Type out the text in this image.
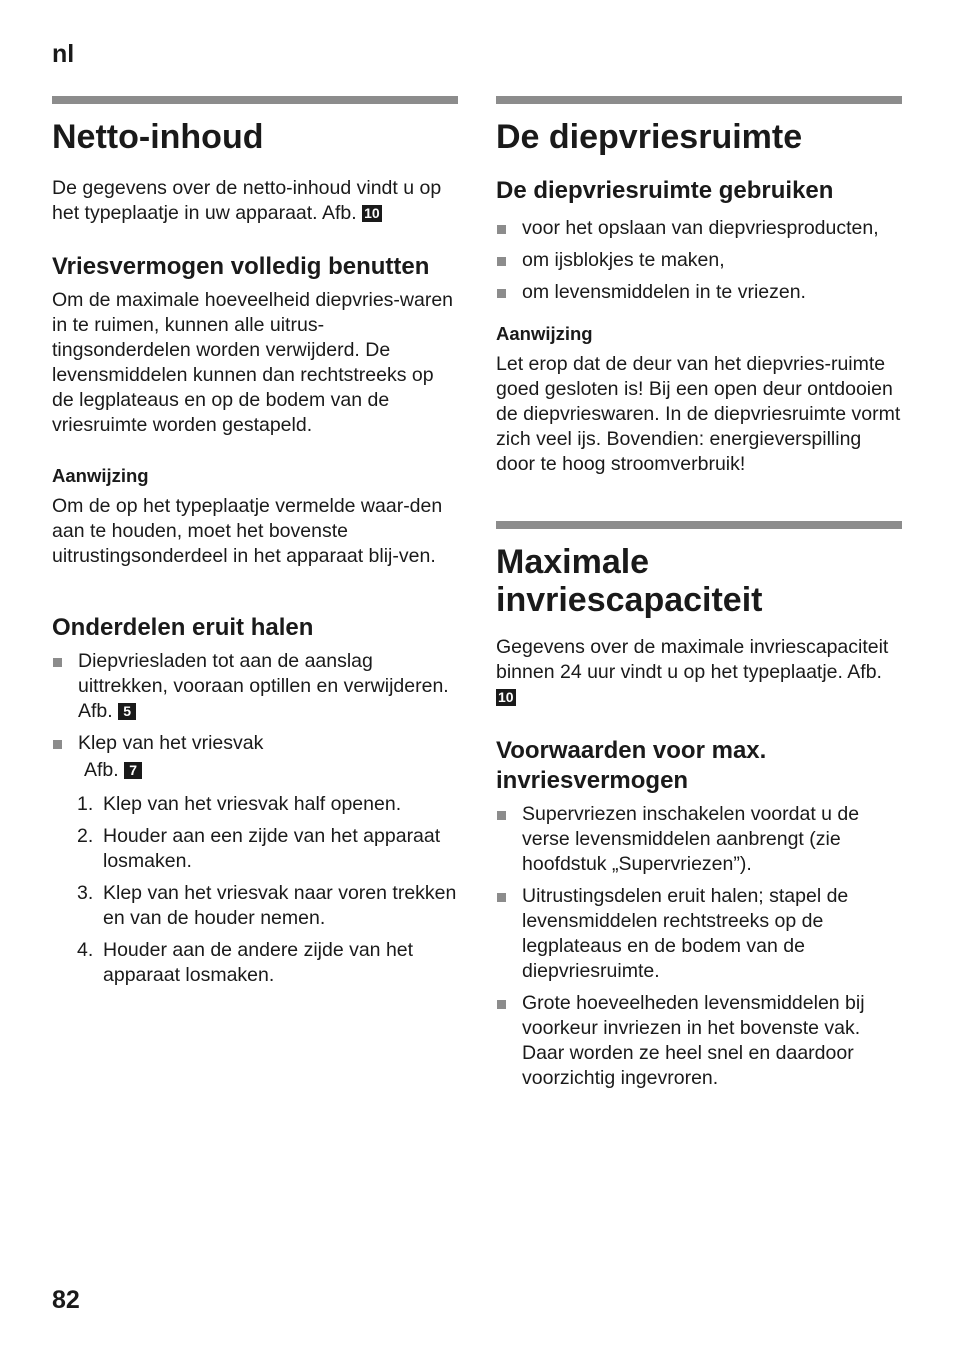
nl
Netto-inhoud

De gegevens over de netto-inhoud vindt u op het typeplaatje in uw apparaat. Afb. 10

Vriesvermogen volledig benutten

Om de maximale hoeveelheid diepvries-waren in te ruimen, kunnen alle uitrus-tingsonderdelen worden verwijderd. De levensmiddelen kunnen dan rechtstreeks op de legplateaus en op de bodem van de vriesruimte worden gestapeld.

Aanwijzing

Om de op het typeplaatje vermelde waar-den aan te houden, moet het bovenste uitrustingsonderdeel in het apparaat blij-ven.

Onderdelen eruit halen
Diepvriesladen tot aan de aanslag uittrekken, vooraan optillen en verwijderen. Afb. 5
Klep van het vriesvak
Afb. 7
1. Klep van het vriesvak half openen.
2. Houder aan een zijde van het apparaat losmaken.
3. Klep van het vriesvak naar voren trekken en van de houder nemen.
4. Houder aan de andere zijde van het apparaat losmaken.
De diepvriesruimte
De diepvriesruimte gebruiken
voor het opslaan van diepvriesproducten,
om ijsblokjes te maken,
om levensmiddelen in te vriezen.
Aanwijzing

Let erop dat de deur van het diepvries-ruimte goed gesloten is! Bij een open deur ontdooien de diepvrieswaren. In de diepvriesruimte vormt zich veel ijs. Bovendien: energieverspilling door te hoog stroomverbruik!

Maximale invriescapaciteit

Gegevens over de maximale invriescapaciteit binnen 24 uur vindt u op het typeplaatje. Afb. 10

Voorwaarden voor max. invriesvermogen
Supervriezen inschakelen voordat u de verse levensmiddelen aanbrengt (zie hoofdstuk „Supervriezen”).
Uitrustingsdelen eruit halen; stapel de levensmiddelen rechtstreeks op de legplateaus en de bodem van de diepvriesruimte.
Grote hoeveelheden levensmiddelen bij voorkeur invriezen in het bovenste vak. Daar worden ze heel snel en daardoor voorzichtig ingevroren.
82
